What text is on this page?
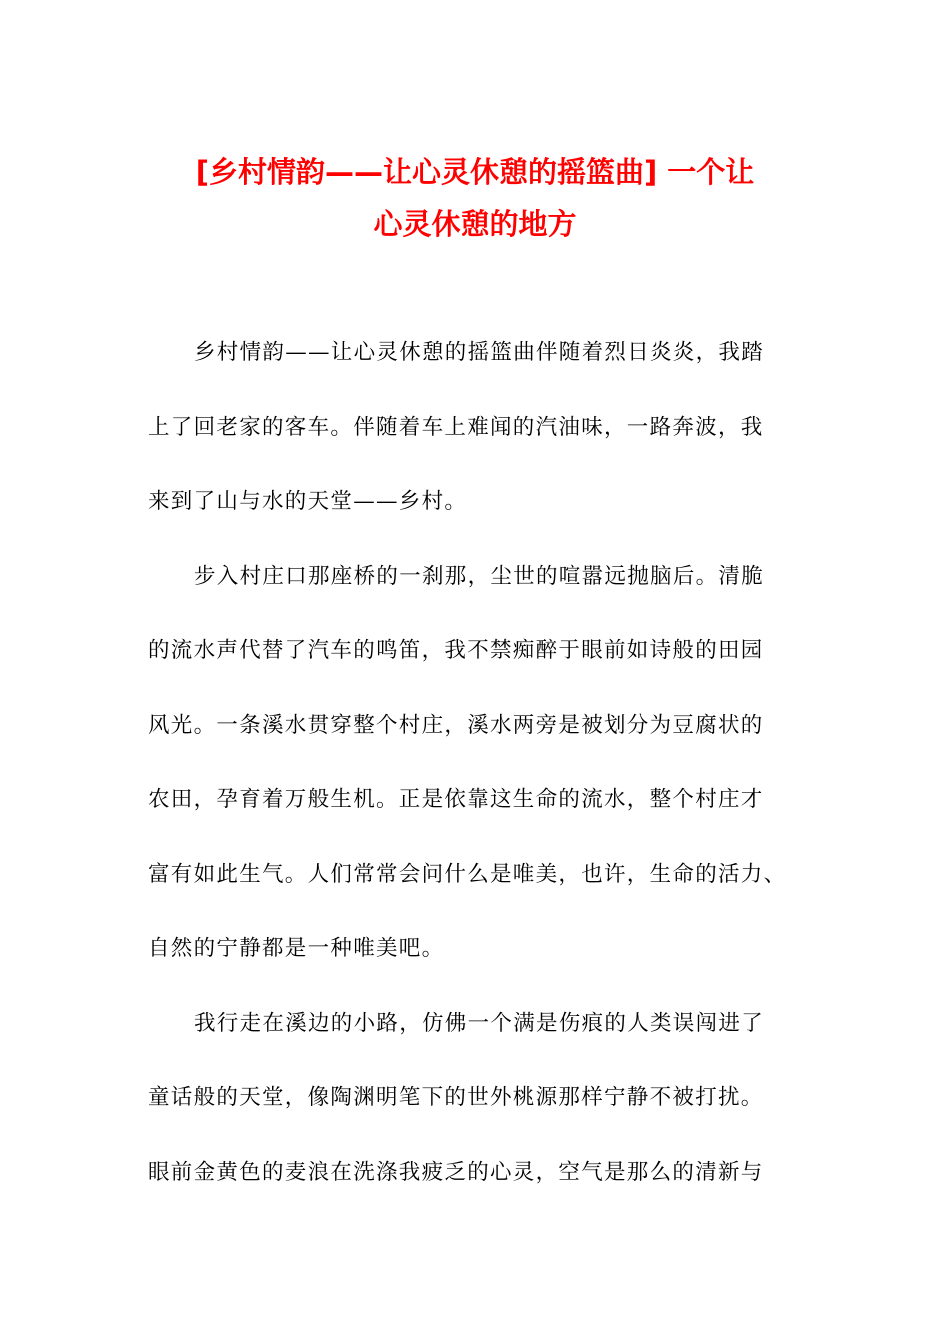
[乡村情韵——让心灵休憩的摇篮曲] 一个让
心灵休憩的地方
乡村情韵——让心灵休憩的摇篮曲伴随着烈日炎炎，我踏
上了回老家的客车。伴随着车上难闻的汽油味，一路奔波，我
来到了山与水的天堂——乡村。
步入村庄口那座桥的一刹那，尘世的喧嚣远抛脑后。清脆
的流水声代替了汽车的鸣笛，我不禁痴醉于眼前如诗般的田园
风光。一条溪水贯穿整个村庄，溪水两旁是被划分为豆腐状的
农田，孕育着万般生机。正是依靠这生命的流水，整个村庄才
富有如此生气。人们常常会问什么是唯美，也许，生命的活力、
自然的宁静都是一种唯美吧。
我行走在溪边的小路，仿佛一个满是伤痕的人类误闯进了
童话般的天堂，像陶渊明笔下的世外桃源那样宁静不被打扰。
眼前金黄色的麦浪在洗涤我疲乏的心灵，空气是那么的清新与
